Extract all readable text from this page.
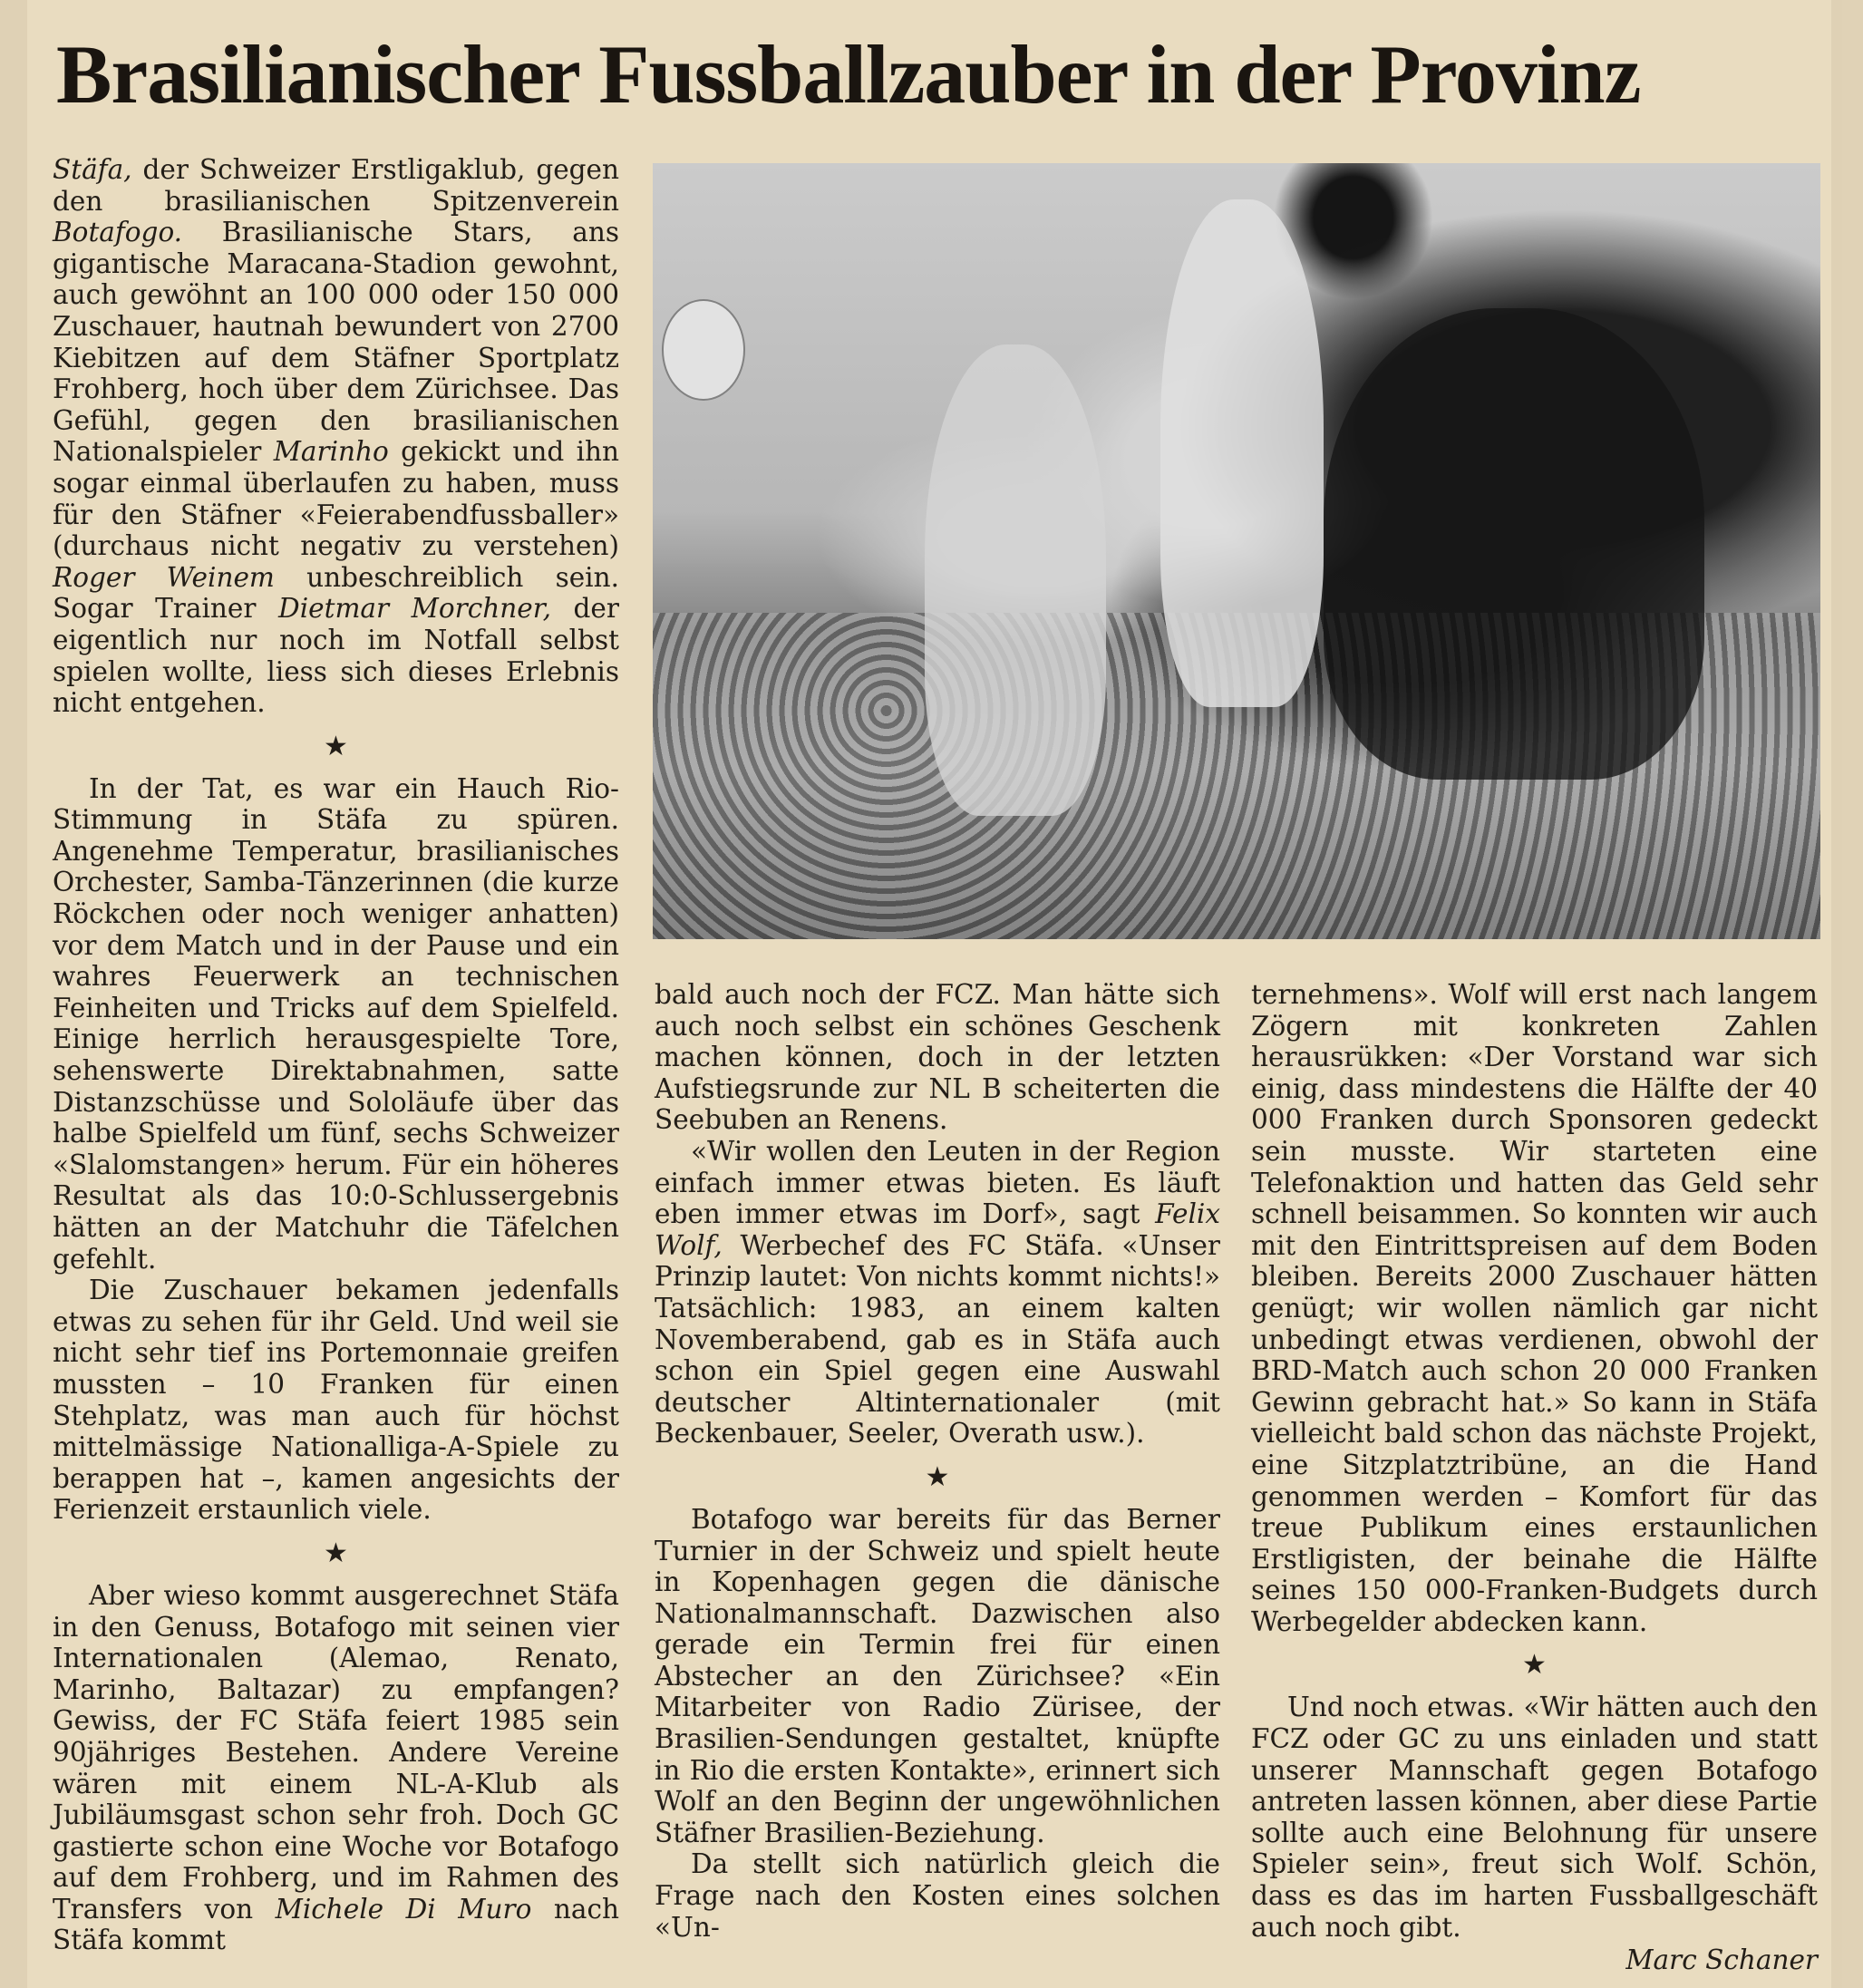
Brasilianischer Fussballzauber in der Provinz

Stäfa, der Schweizer Erstligaklub, gegen den brasilianischen Spitzenverein Botafogo. Brasilianische Stars, ans gigantische Maracana-Stadion gewohnt, auch gewöhnt an 100 000 oder 150 000 Zuschauer, hautnah bewundert von 2700 Kiebitzen auf dem Stäfner Sportplatz Frohberg, hoch über dem Zürichsee. Das Gefühl, gegen den brasilianischen Nationalspieler Marinho gekickt und ihn sogar einmal überlaufen zu haben, muss für den Stäfner «Feierabendfussballer» (durchaus nicht negativ zu verstehen) Roger Weinem unbeschreiblich sein. Sogar Trainer Dietmar Morchner, der eigentlich nur noch im Notfall selbst spielen wollte, liess sich dieses Erlebnis nicht entgehen.

★

In der Tat, es war ein Hauch Rio-Stimmung in Stäfa zu spüren. Angenehme Temperatur, brasilianisches Orchester, Samba-Tänzerinnen (die kurze Röckchen oder noch weniger anhatten) vor dem Match und in der Pause und ein wahres Feuerwerk an technischen Feinheiten und Tricks auf dem Spielfeld. Einige herrlich herausgespielte Tore, sehenswerte Direktabnahmen, satte Distanzschüsse und Sololäufe über das halbe Spielfeld um fünf, sechs Schweizer «Slalomstangen» herum. Für ein höheres Resultat als das 10:0-Schlussergebnis hätten an der Matchuhr die Täfelchen gefehlt.

Die Zuschauer bekamen jedenfalls etwas zu sehen für ihr Geld. Und weil sie nicht sehr tief ins Portemonnaie greifen mussten – 10 Franken für einen Stehplatz, was man auch für höchst mittelmässige Nationalliga-A-Spiele zu berappen hat –, kamen angesichts der Ferienzeit erstaunlich viele.

★

Aber wieso kommt ausgerechnet Stäfa in den Genuss, Botafogo mit seinen vier Internationalen (Alemao, Renato, Marinho, Baltazar) zu empfangen? Gewiss, der FC Stäfa feiert 1985 sein 90jähriges Bestehen. Andere Vereine wären mit einem NL-A-Klub als Jubiläumsgast schon sehr froh. Doch GC gastierte schon eine Woche vor Botafogo auf dem Frohberg, und im Rahmen des Transfers von Michele Di Muro nach Stäfa kommt

bald auch noch der FCZ. Man hätte sich auch noch selbst ein schönes Geschenk machen können, doch in der letzten Aufstiegsrunde zur NL B scheiterten die Seebuben an Renens.

«Wir wollen den Leuten in der Region einfach immer etwas bieten. Es läuft eben immer etwas im Dorf», sagt Felix Wolf, Werbechef des FC Stäfa. «Unser Prinzip lautet: Von nichts kommt nichts!» Tatsächlich: 1983, an einem kalten Novemberabend, gab es in Stäfa auch schon ein Spiel gegen eine Auswahl deutscher Altinternationaler (mit Beckenbauer, Seeler, Overath usw.).

★

Botafogo war bereits für das Berner Turnier in der Schweiz und spielt heute in Kopenhagen gegen die dänische Nationalmannschaft. Dazwischen also gerade ein Termin frei für einen Abstecher an den Zürichsee? «Ein Mitarbeiter von Radio Zürisee, der Brasilien-Sendungen gestaltet, knüpfte in Rio die ersten Kontakte», erinnert sich Wolf an den Beginn der ungewöhnlichen Stäfner Brasilien-Beziehung.

Da stellt sich natürlich gleich die Frage nach den Kosten eines solchen «Un-

ternehmens». Wolf will erst nach langem Zögern mit konkreten Zahlen herausrükken: «Der Vorstand war sich einig, dass mindestens die Hälfte der 40 000 Franken durch Sponsoren gedeckt sein musste. Wir starteten eine Telefonaktion und hatten das Geld sehr schnell beisammen. So konnten wir auch mit den Eintrittspreisen auf dem Boden bleiben. Bereits 2000 Zuschauer hätten genügt; wir wollen nämlich gar nicht unbedingt etwas verdienen, obwohl der BRD-Match auch schon 20 000 Franken Gewinn gebracht hat.» So kann in Stäfa vielleicht bald schon das nächste Projekt, eine Sitzplatztribüne, an die Hand genommen werden – Komfort für das treue Publikum eines erstaunlichen Erstligisten, der beinahe die Hälfte seines 150 000-Franken-Budgets durch Werbegelder abdecken kann.

★

Und noch etwas. «Wir hätten auch den FCZ oder GC zu uns einladen und statt unserer Mannschaft gegen Botafogo antreten lassen können, aber diese Partie sollte auch eine Belohnung für unsere Spieler sein», freut sich Wolf. Schön, dass es das im harten Fussballgeschäft auch noch gibt.

Marc Schaner
